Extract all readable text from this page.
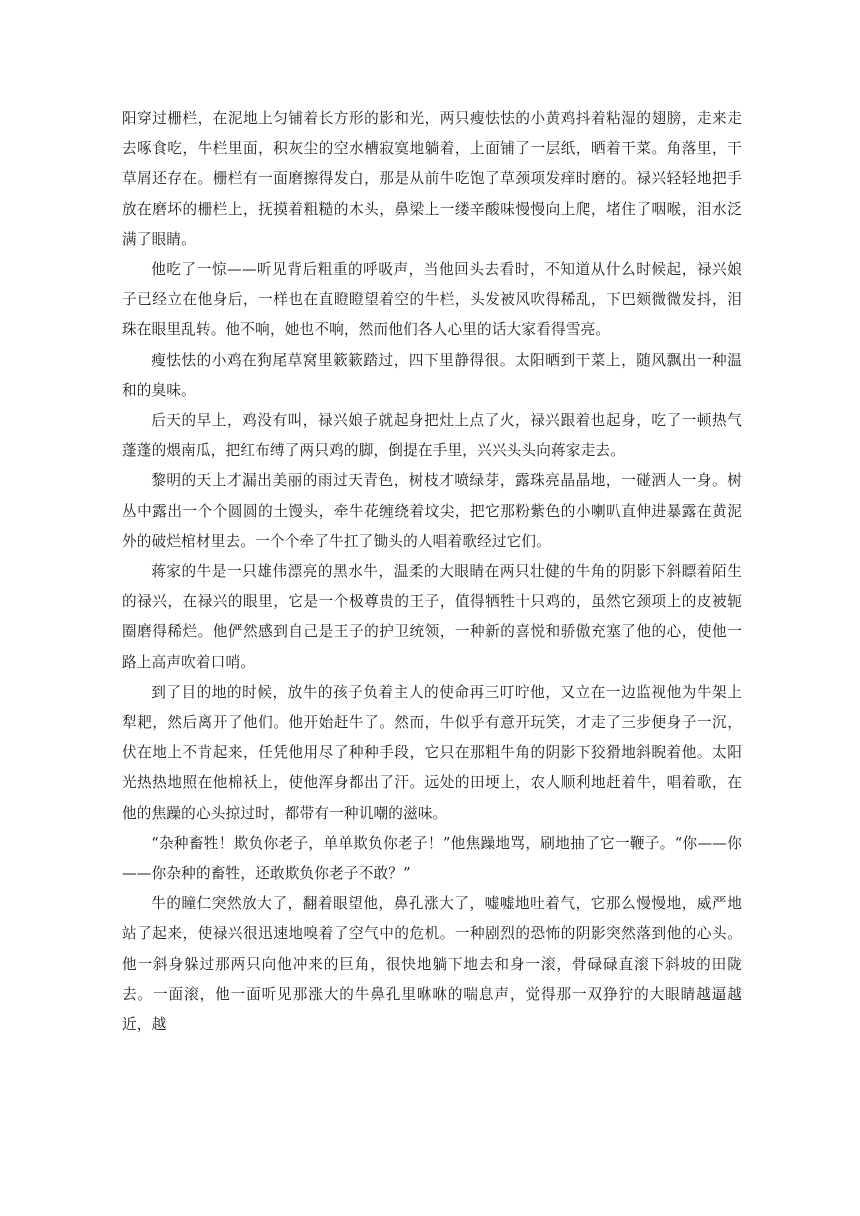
阳穿过栅栏，在泥地上匀铺着长方形的影和光，两只瘦怯怯的小黄鸡抖着粘湿的翅膀，走来走去啄食吃，牛栏里面，积灰尘的空水槽寂寞地躺着，上面铺了一层纸，晒着干菜。角落里，干草屑还存在。栅栏有一面磨擦得发白，那是从前牛吃饱了草颈项发痒时磨的。禄兴轻轻地把手放在磨坏的栅栏上，抚摸着粗糙的木头，鼻梁上一缕辛酸味慢慢向上爬，堵住了咽喉，泪水泛满了眼睛。

他吃了一惊——听见背后粗重的呼吸声，当他回头去看时，不知道从什么时候起，禄兴娘子已经立在他身后，一样也在直瞪瞪望着空的牛栏，头发被风吹得稀乱，下巴颏微微发抖，泪珠在眼里乱转。他不响，她也不响，然而他们各人心里的话大家看得雪亮。

瘦怯怯的小鸡在狗尾草窝里簌簌踏过，四下里静得很。太阳晒到干菜上，随风飘出一种温和的臭味。

后天的早上，鸡没有叫，禄兴娘子就起身把灶上点了火，禄兴跟着也起身，吃了一顿热气蓬蓬的煨南瓜，把红布缚了两只鸡的脚，倒提在手里，兴兴头头向蒋家走去。

黎明的天上才漏出美丽的雨过天青色，树枝才喷绿芽，露珠亮晶晶地，一碰洒人一身。树丛中露出一个个圆圆的土馒头，牵牛花缠绕着坟尖，把它那粉紫色的小喇叭直伸进暴露在黄泥外的破烂棺材里去。一个个牵了牛扛了锄头的人唱着歌经过它们。

蒋家的牛是一只雄伟漂亮的黑水牛，温柔的大眼睛在两只壮健的牛角的阴影下斜瞟着陌生的禄兴，在禄兴的眼里，它是一个极尊贵的王子，值得牺牲十只鸡的，虽然它颈项上的皮被轭圈磨得稀烂。他俨然感到自己是王子的护卫统领，一种新的喜悦和骄傲充塞了他的心，使他一路上高声吹着口哨。

到了目的地的时候，放牛的孩子负着主人的使命再三叮咛他，又立在一边监视他为牛架上犁耙，然后离开了他们。他开始赶牛了。然而，牛似乎有意开玩笑，才走了三步便身子一沉，伏在地上不肯起来，任凭他用尽了种种手段，它只在那粗牛角的阴影下狡猾地斜睨着他。太阳光热热地照在他棉袄上，使他浑身都出了汗。远处的田埂上，农人顺利地赶着牛，唱着歌，在他的焦躁的心头掠过时，都带有一种讥嘲的滋味。

“杂种畜牲！欺负你老子，单单欺负你老子！”他焦躁地骂，刷地抽了它一鞭子。“你——你——你杂种的畜牲，还敢欺负你老子不敢？”

牛的瞳仁突然放大了，翻着眼望他，鼻孔涨大了，嘘嘘地吐着气，它那么慢慢地，威严地站了起来，使禄兴很迅速地嗅着了空气中的危机。一种剧烈的恐怖的阴影突然落到他的心头。他一斜身躲过那两只向他冲来的巨角，很快地躺下地去和身一滚，骨碌碌直滚下斜坡的田陇去。一面滚，他一面听见那涨大的牛鼻孔里咻咻的喘息声，觉得那一双狰狞的大眼睛越逼越近，越
